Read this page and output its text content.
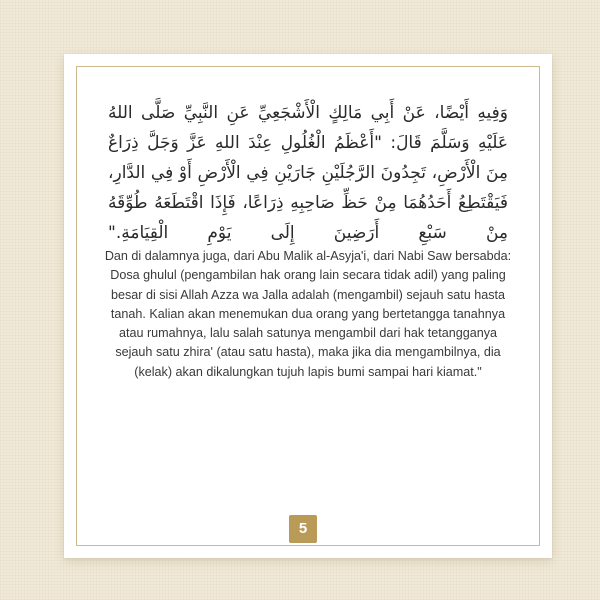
وَفِيهِ أَيْضًا، عَنْ أَبِي مَالِكٍ الْأَشْجَعِيِّ عَنِ النَّبِيِّ صَلَّى اللهُ عَلَيْهِ وَسَلَّمَ قَالَ: "أَعْظَمُ الْغُلُولِ عِنْدَ اللهِ عَزَّ وَجَلَّ ذِرَاعٌ مِنَ الْأَرْضِ، تَجِدُونَ الرَّجُلَيْنِ جَارَيْنِ فِي الْأَرْضِ أَوْ فِي الدَّارِ، فَيَقْتَطِعُ أَحَدُهُمَا مِنْ حَظِّ صَاحِبِهِ ذِرَاعًا، فَإِذَا اقْتَطَعَهُ طُوِّقَهُ مِنْ سَبْعِ أَرَضِينَ إِلَى يَوْمِ الْقِيَامَةِ."
Dan di dalamnya juga, dari Abu Malik al-Asyja'i, dari Nabi Saw bersabda: Dosa ghulul (pengambilan hak orang lain secara tidak adil) yang paling besar di sisi Allah Azza wa Jalla adalah (mengambil) sejauh satu hasta tanah. Kalian akan menemukan dua orang yang bertetangga tanahnya atau rumahnya, lalu salah satunya mengambil dari hak tetangganya sejauh satu zhira' (atau satu hasta), maka jika dia mengambilnya, dia (kelak) akan dikalungkan tujuh lapis bumi sampai hari kiamat."
5
